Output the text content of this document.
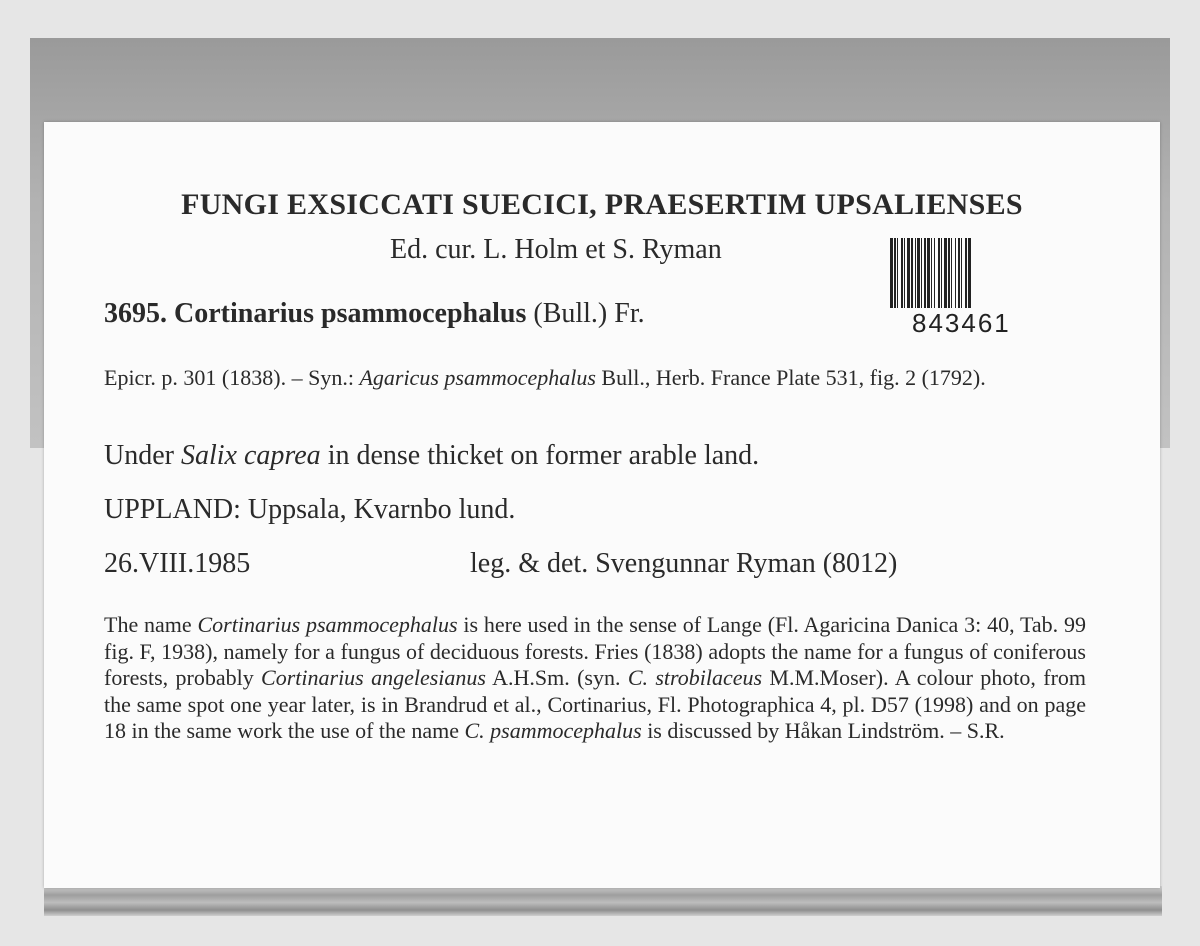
FUNGI EXSICCATI SUECICI, PRAESERTIM UPSALIENSES
Ed. cur. L. Holm et S. Ryman
843461
3695. Cortinarius psammocephalus (Bull.) Fr.
Epicr. p. 301 (1838). – Syn.: Agaricus psammocephalus Bull., Herb. France Plate 531, fig. 2 (1792).
Under Salix caprea in dense thicket on former arable land.
UPPLAND: Uppsala, Kvarnbo lund.
26.VIII.1985	leg. & det. Svengunnar Ryman (8012)
The name Cortinarius psammocephalus is here used in the sense of Lange (Fl. Agaricina Danica 3: 40, Tab. 99 fig. F, 1938), namely for a fungus of deciduous forests. Fries (1838) adopts the name for a fungus of coniferous forests, probably Cortinarius angelesianus A.H.Sm. (syn. C. strobilaceus M.M.Moser). A colour photo, from the same spot one year later, is in Brandrud et al., Cortinarius, Fl. Photographica 4, pl. D57 (1998) and on page 18 in the same work the use of the name C. psammocephalus is discussed by Håkan Lindström. – S.R.
